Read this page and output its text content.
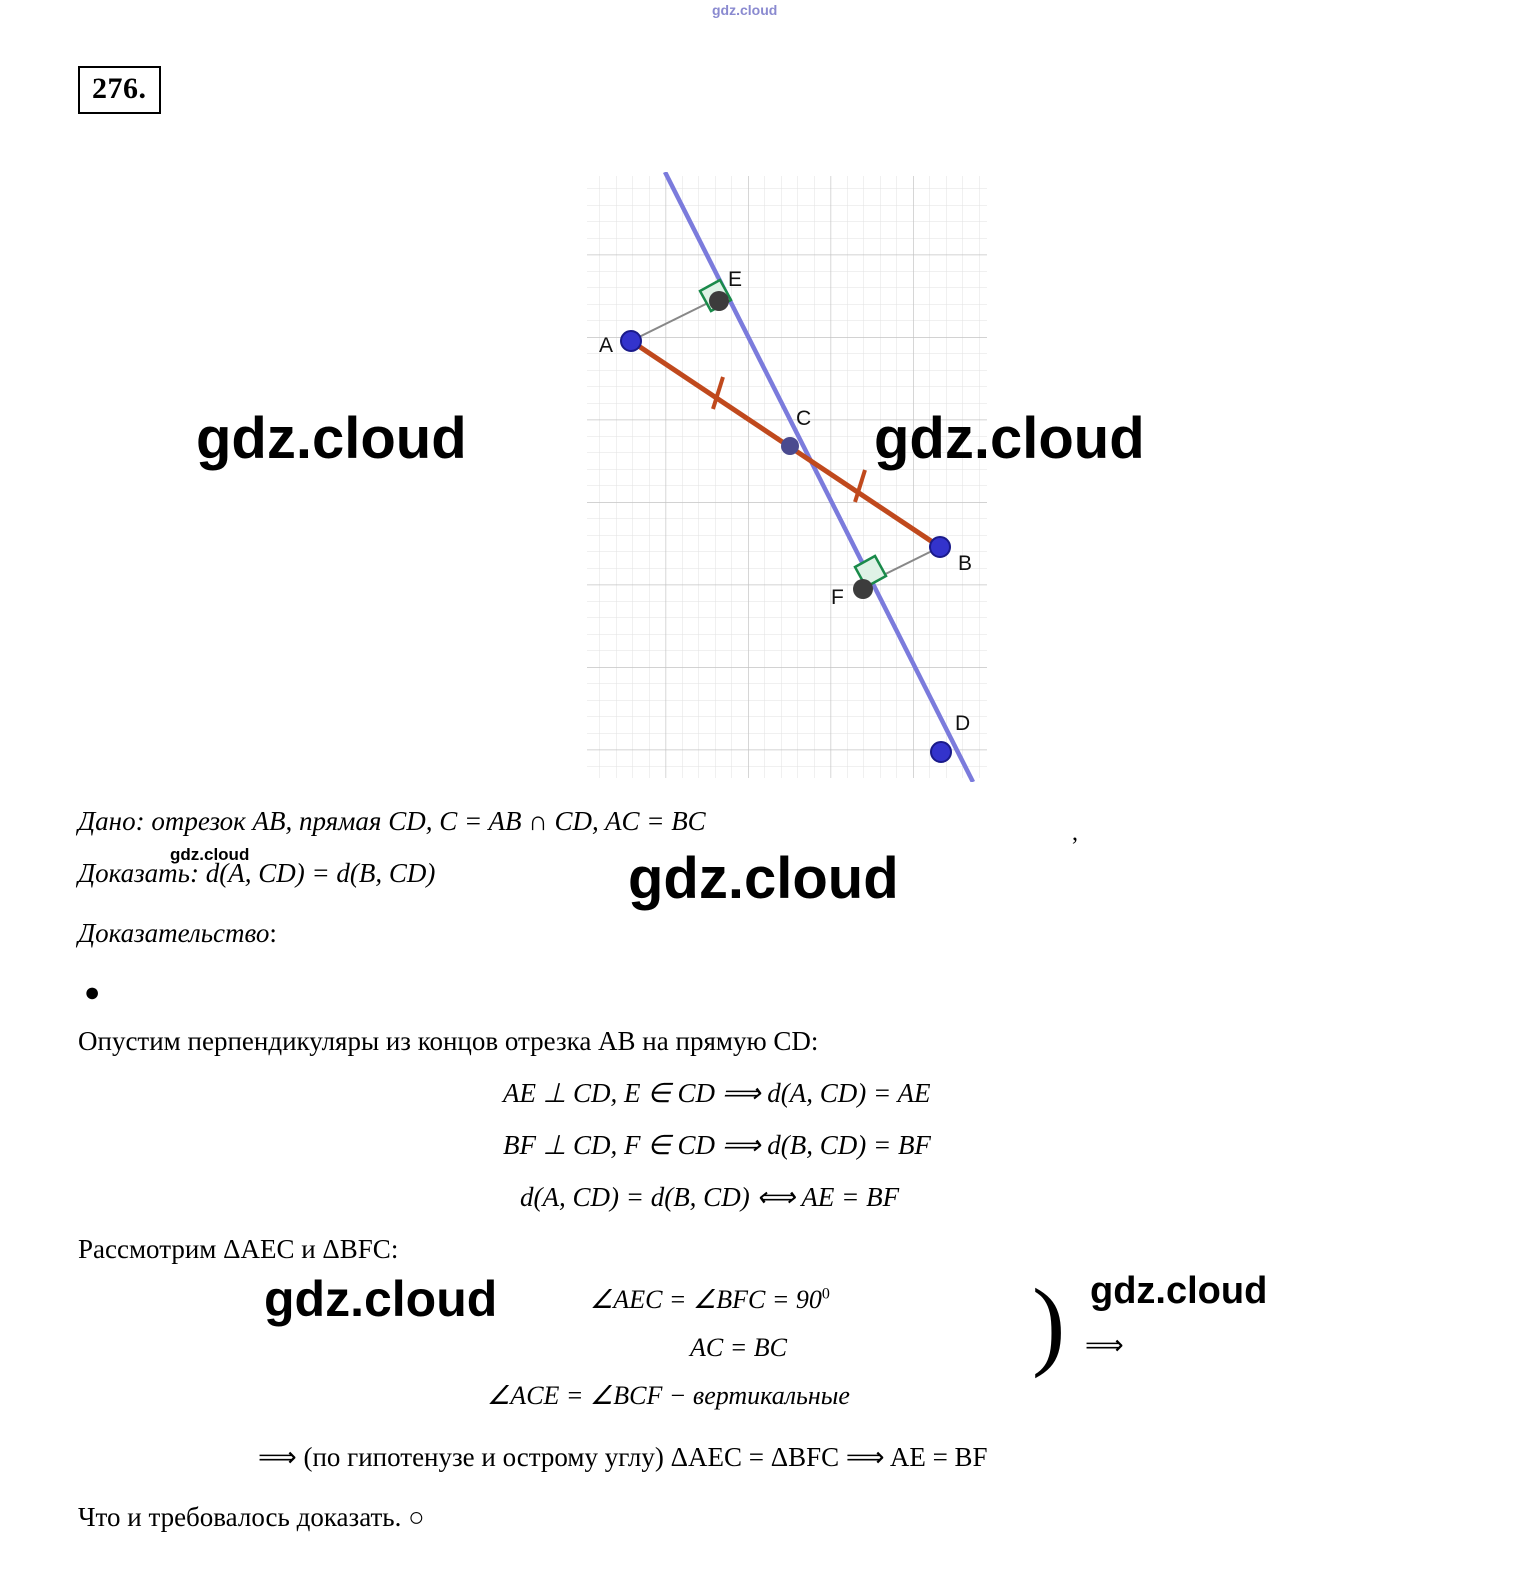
gdz.cloud
276.
A
E
C
B
F
D
Дано: отрезок AB, прямая CD, C = AB ∩ CD, AC = BC	,
Доказать: d(A, CD) = d(B, CD)
Доказательство:
●
Опустим перпендикуляры из концов отрезка AB на прямую CD:
AE ⊥ CD, E ∈ CD ⟹ d(A, CD) = AE
BF ⊥ CD, F ∈ CD ⟹ d(B, CD) = BF
d(A, CD) = d(B, CD) ⟺ AE = BF
Рассмотрим ΔAEC и ΔBFC:
∠AEC = ∠BFC = $90^0$
AC = BC
∠ACE = ∠BCF − вертикальные
) ⟹
⟹ (по гипотенузе и острому углу) ΔAEC = ΔBFC ⟹ AE = BF
Что и требовалось доказать. ○
gdz.cloud	gdz.cloud
gdz.cloud
gdz.cloud
gdz.cloud	gdz.cloud
